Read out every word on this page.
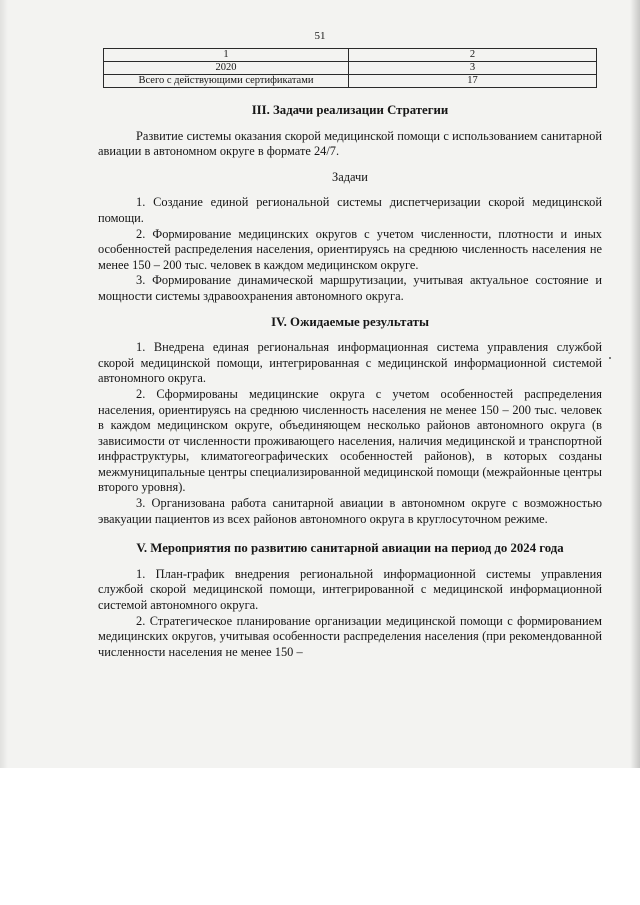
51
1	2
2020	3
Всего с действующими сертификатами	17

III. Задачи реализации Стратегии

Развитие системы оказания скорой медицинской помощи с использованием санитарной авиации в автономном округе в формате 24/7.

Задачи

1. Создание единой региональной системы диспетчеризации скорой медицинской помощи.

2. Формирование медицинских округов с учетом численности, плотности и иных особенностей распределения населения, ориентируясь на среднюю численность населения не менее 150 – 200 тыс. человек в каждом медицинском округе.

3. Формирование динамической маршрутизации, учитывая актуальное состояние и мощности системы здравоохранения автономного округа.

IV. Ожидаемые результаты

1. Внедрена единая региональная информационная система управления службой скорой медицинской помощи, интегрированная с медицинской информационной системой автономного округа.

2. Сформированы медицинские округа с учетом особенностей распределения населения, ориентируясь на среднюю численность населения не менее 150 – 200 тыс. человек в каждом медицинском округе, объединяющем несколько районов автономного округа (в зависимости от численности проживающего населения, наличия медицинской и транспортной инфраструктуры, климатогеографических особенностей районов), в которых созданы межмуниципальные центры специализированной медицинской помощи (межрайонные центры второго уровня).

3. Организована работа санитарной авиации в автономном округе с возможностью эвакуации пациентов из всех районов автономного округа в круглосуточном режиме.

V. Мероприятия по развитию санитарной авиации на период до 2024 года

1. План-график внедрения региональной информационной системы управления службой скорой медицинской помощи, интегрированной с медицинской информационной системой автономного округа.

2. Стратегическое планирование организации медицинской помощи с формированием медицинских округов, учитывая особенности распределения населения (при рекомендованной численности населения не менее 150 –
